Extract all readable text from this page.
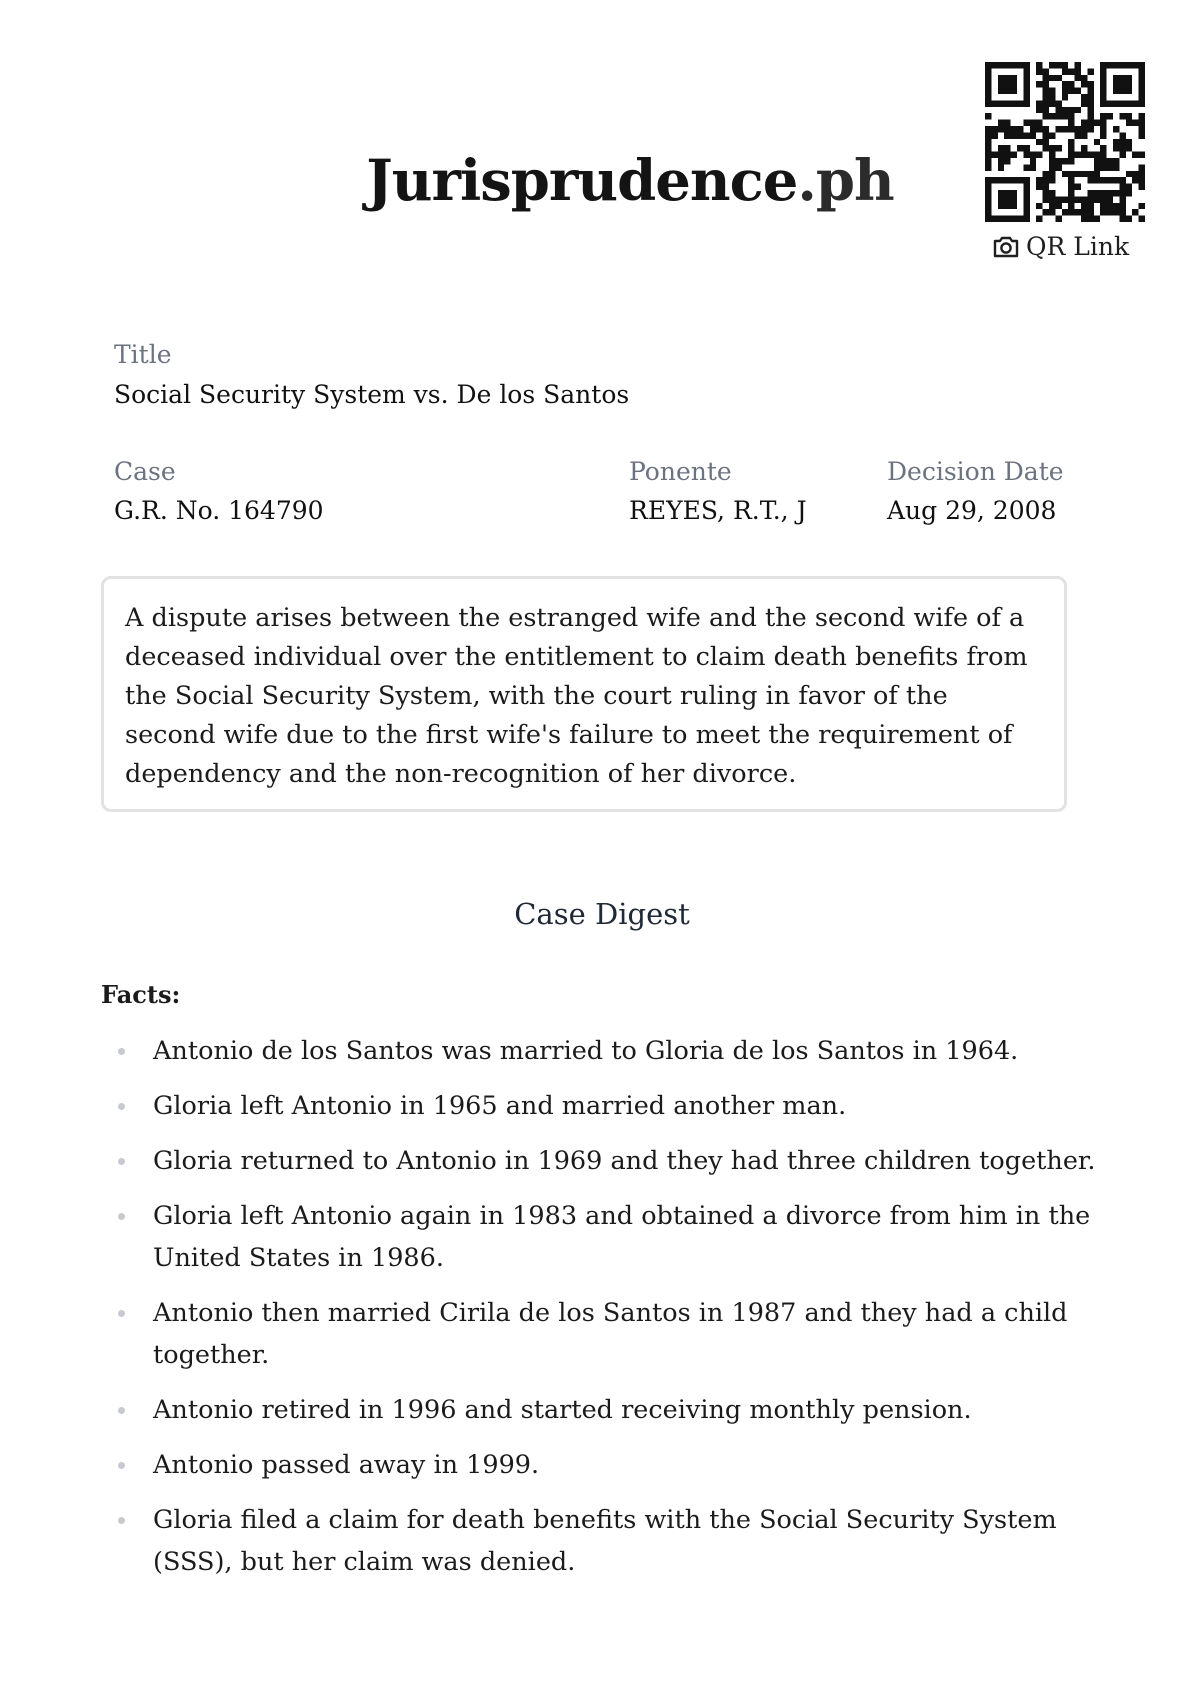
Jurisprudence.ph
QR Link
Title
Social Security System vs. De los Santos
Case
G.R. No. 164790
Ponente
REYES, R.T., J
Decision Date
Aug 29, 2008
A dispute arises between the estranged wife and the second wife of a deceased individual over the entitlement to claim death benefits from the Social Security System, with the court ruling in favor of the second wife due to the first wife's failure to meet the requirement of dependency and the non-recognition of her divorce.
Case Digest
Facts:
Antonio de los Santos was married to Gloria de los Santos in 1964.
Gloria left Antonio in 1965 and married another man.
Gloria returned to Antonio in 1969 and they had three children together.
Gloria left Antonio again in 1983 and obtained a divorce from him in the United States in 1986.
Antonio then married Cirila de los Santos in 1987 and they had a child together.
Antonio retired in 1996 and started receiving monthly pension.
Antonio passed away in 1999.
Gloria filed a claim for death benefits with the Social Security System (SSS), but her claim was denied.
